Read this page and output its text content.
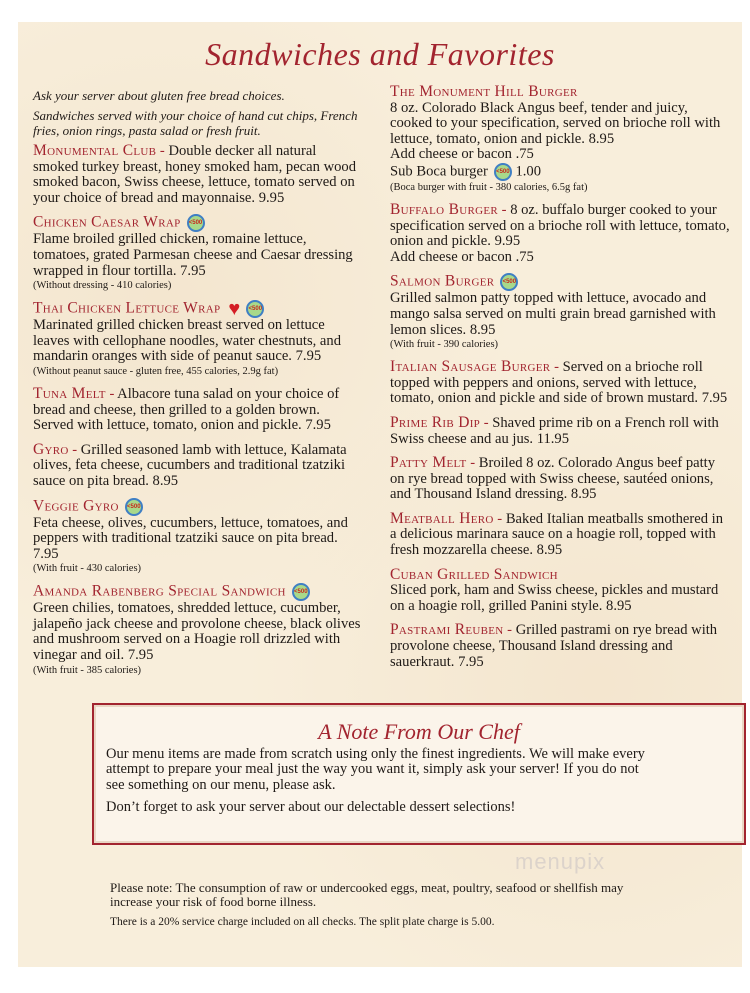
Sandwiches and Favorites

Ask your server about gluten free bread choices.

Sandwiches served with your choice of hand cut chips, French fries, onion rings, pasta salad or fresh fruit.

Monumental Club - Double decker all natural smoked turkey breast, honey smoked ham, pecan wood smoked bacon, Swiss cheese, lettuce, tomato served on your choice of bread and mayonnaise. 9.95
Chicken Caesar Wrap <500
Flame broiled grilled chicken, romaine lettuce, tomatoes, grated Parmesan cheese and Caesar dressing wrapped in flour tortilla. 7.95
(Without dressing - 410 calories)
Thai Chicken Lettuce Wrap ♥ <500
Marinated grilled chicken breast served on lettuce leaves with cellophane noodles, water chestnuts, and mandarin oranges with side of peanut sauce. 7.95
(Without peanut sauce - gluten free, 455 calories, 2.9g fat)
Tuna Melt - Albacore tuna salad on your choice of bread and cheese, then grilled to a golden brown. Served with lettuce, tomato, onion and pickle. 7.95
Gyro - Grilled seasoned lamb with lettuce, Kalamata olives, feta cheese, cucumbers and traditional tzatziki sauce on pita bread. 8.95
Veggie Gyro <500
Feta cheese, olives, cucumbers, lettuce, tomatoes, and peppers with traditional tzatziki sauce on pita bread. 7.95
(With fruit - 430 calories)
Amanda Rabenberg Special Sandwich <500
Green chilies, tomatoes, shredded lettuce, cucumber, jalapeño jack cheese and provolone cheese, black olives and mushroom served on a Hoagie roll drizzled with vinegar and oil. 7.95
(With fruit - 385 calories)
The Monument Hill Burger
8 oz. Colorado Black Angus beef, tender and juicy, cooked to your specification, served on brioche roll with lettuce, tomato, onion and pickle. 8.95
Add cheese or bacon .75
Sub Boca burger <500 1.00
(Boca burger with fruit - 380 calories, 6.5g fat)
Buffalo Burger - 8 oz. buffalo burger cooked to your specification served on a brioche roll with lettuce, tomato, onion and pickle. 9.95
Add cheese or bacon .75
Salmon Burger <500
Grilled salmon patty topped with lettuce, avocado and mango salsa served on multi grain bread garnished with lemon slices. 8.95
(With fruit - 390 calories)
Italian Sausage Burger - Served on a brioche roll topped with peppers and onions, served with lettuce, tomato, onion and pickle and side of brown mustard. 7.95
Prime Rib Dip - Shaved prime rib on a French roll with Swiss cheese and au jus. 11.95
Patty Melt - Broiled 8 oz. Colorado Angus beef patty on rye bread topped with Swiss cheese, sautéed onions, and Thousand Island dressing. 8.95
Meatball Hero - Baked Italian meatballs smothered in a delicious marinara sauce on a hoagie roll, topped with fresh mozzarella cheese. 8.95
Cuban Grilled Sandwich
Sliced pork, ham and Swiss cheese, pickles and mustard on a hoagie roll, grilled Panini style. 8.95
Pastrami Reuben - Grilled pastrami on rye bread with provolone cheese, Thousand Island dressing and sauerkraut. 7.95
A Note From Our Chef

Our menu items are made from scratch using only the finest ingredients. We will make every attempt to prepare your meal just the way you want it, simply ask your server! If you do not see something on our menu, please ask.

Don’t forget to ask your server about our delectable dessert selections!

menupix

Please note: The consumption of raw or undercooked eggs, meat, poultry, seafood or shellfish may increase your risk of food borne illness.

There is a 20% service charge included on all checks. The split plate charge is 5.00.
